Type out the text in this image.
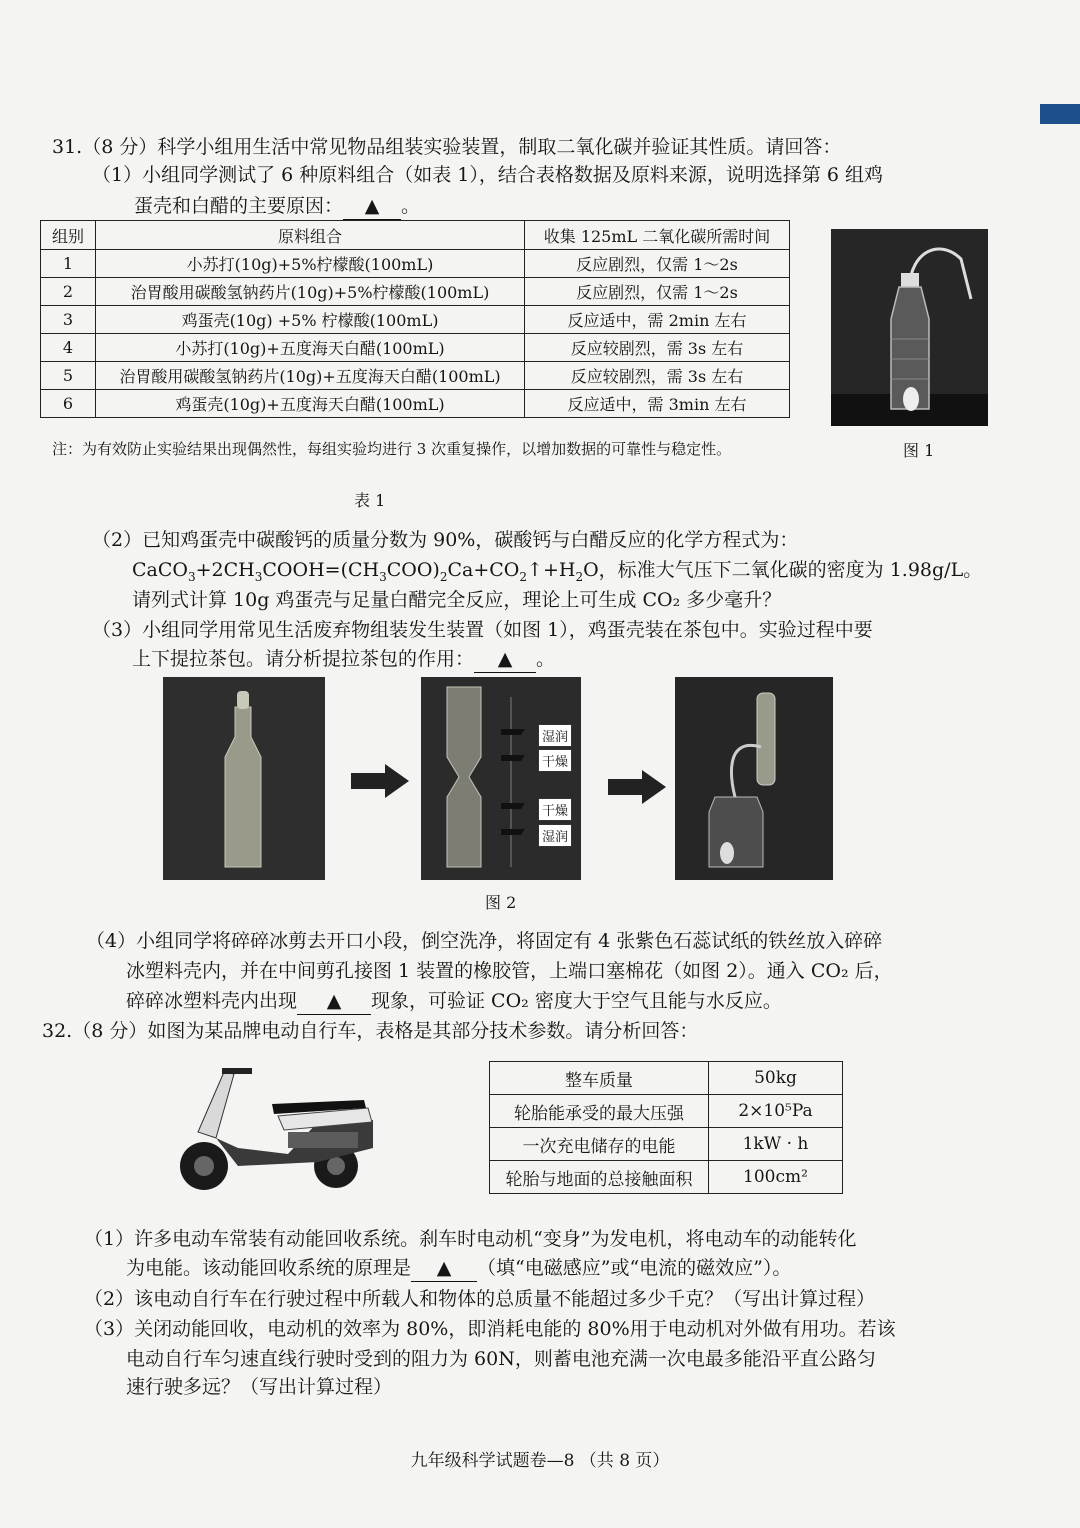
31.（8 分）科学小组用生活中常见物品组装实验装置，制取二氧化碳并验证其性质。请回答：
（1）小组同学测试了 6 种原料组合（如表 1），结合表格数据及原料来源，说明选择第 6 组鸡
蛋壳和白醋的主要原因： ▲ 。
组别	原料组合	收集 125mL 二氧化碳所需时间
1	小苏打(10g)+5%柠檬酸(100mL)	反应剧烈，仅需 1～2s
2	治胃酸用碳酸氢钠药片(10g)+5%柠檬酸(100mL)	反应剧烈，仅需 1～2s
3	鸡蛋壳(10g) +5% 柠檬酸(100mL)	反应适中，需 2min 左右
4	小苏打(10g)+五度海天白醋(100mL)	反应较剧烈，需 3s 左右
5	治胃酸用碳酸氢钠药片(10g)+五度海天白醋(100mL)	反应较剧烈，需 3s 左右
6	鸡蛋壳(10g)+五度海天白醋(100mL)	反应适中，需 3min 左右
图 1
注：为有效防止实验结果出现偶然性，每组实验均进行 3 次重复操作，以增加数据的可靠性与稳定性。
表 1
（2）已知鸡蛋壳中碳酸钙的质量分数为 90%，碳酸钙与白醋反应的化学方程式为：
$CaCO_3+2CH_3COOH=(CH_3COO)_2Ca+CO_2↑+H_2O$，标准大气压下二氧化碳的密度为 1.98g/L。
请列式计算 10g 鸡蛋壳与足量白醋完全反应，理论上可生成 CO₂ 多少毫升？
（3）小组同学用常见生活废弃物组装发生装置（如图 1），鸡蛋壳装在茶包中。实验过程中要
上下提拉茶包。请分析提拉茶包的作用： ▲ 。
湿润
干燥
干燥
湿润
图 2
（4）小组同学将碎碎冰剪去开口小段，倒空洗净，将固定有 4 张紫色石蕊试纸的铁丝放入碎碎
冰塑料壳内，并在中间剪孔接图 1 装置的橡胶管，上端口塞棉花（如图 2）。通入 CO₂ 后，
碎碎冰塑料壳内出现 ▲ 现象，可验证 CO₂ 密度大于空气且能与水反应。
32.（8 分）如图为某品牌电动自行车，表格是其部分技术参数。请分析回答：
整车质量	50kg
轮胎能承受的最大压强	2×10⁵Pa
一次充电储存的电能	1kW · h
轮胎与地面的总接触面积	100cm²
（1）许多电动车常装有动能回收系统。刹车时电动机“变身”为发电机，将电动车的动能转化
为电能。该动能回收系统的原理是 ▲ （填“电磁感应”或“电流的磁效应”）。
（2）该电动自行车在行驶过程中所载人和物体的总质量不能超过多少千克？（写出计算过程）
（3）关闭动能回收，电动机的效率为 80%，即消耗电能的 80%用于电动机对外做有用功。若该
电动自行车匀速直线行驶时受到的阻力为 60N，则蓄电池充满一次电最多能沿平直公路匀
速行驶多远？（写出计算过程）
九年级科学试题卷—8 （共 8 页）
